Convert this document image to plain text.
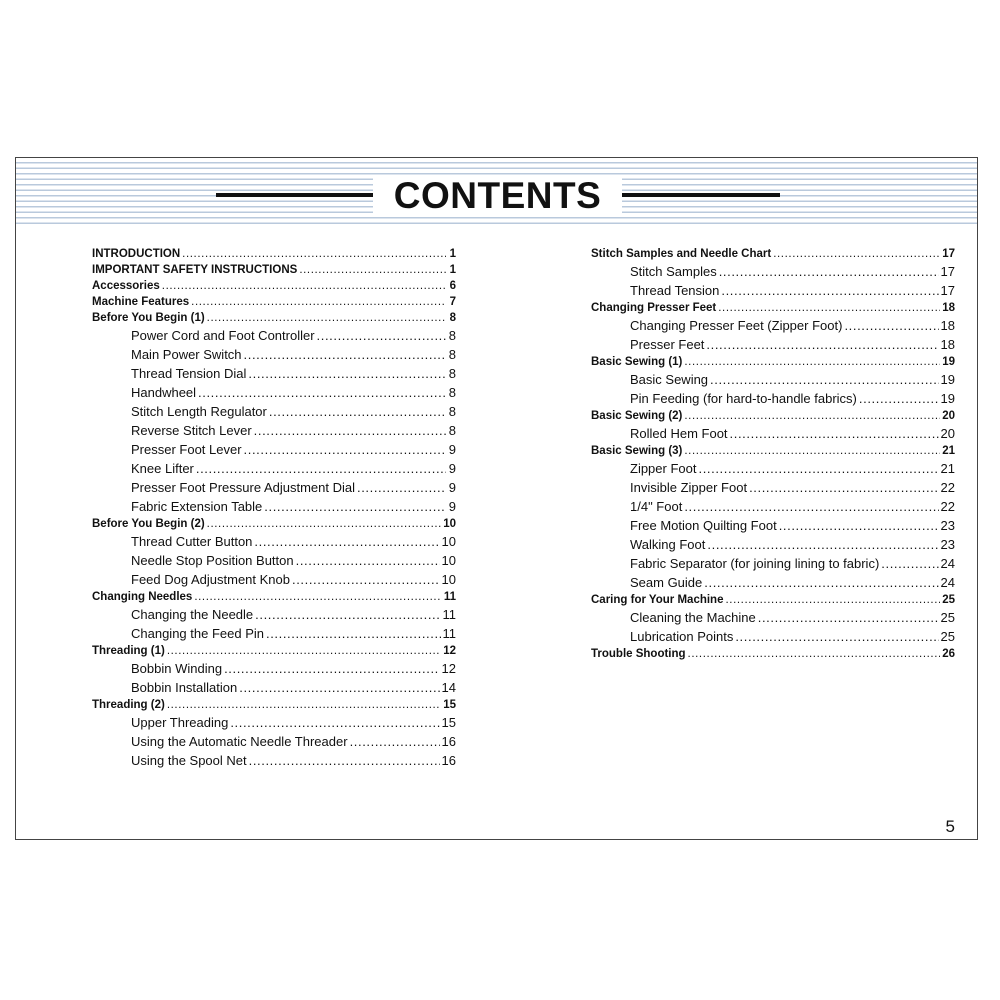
CONTENTS
INTRODUCTION .....	1
IMPORTANT SAFETY INSTRUCTIONS .....	1
Accessories .....	6
Machine Features .....	7
Before You Begin (1) .....	8
Power Cord and Foot Controller .....	8
Main Power Switch .....	8
Thread Tension Dial .....	8
Handwheel .....	8
Stitch Length Regulator .....	8
Reverse Stitch Lever .....	8
Presser Foot Lever .....	9
Knee Lifter .....	9
Presser Foot Pressure Adjustment Dial .....	9
Fabric Extension Table .....	9
Before You Begin (2) .....	10
Thread Cutter Button .....	10
Needle Stop Position Button .....	10
Feed Dog Adjustment Knob .....	10
Changing Needles .....	11
Changing the Needle .....	11
Changing the Feed Pin .....	11
Threading (1) .....	12
Bobbin Winding .....	12
Bobbin Installation .....	14
Threading (2) .....	15
Upper Threading .....	15
Using the Automatic Needle Threader .....	16
Using the Spool Net .....	16
Stitch Samples and Needle Chart .....	17
Stitch Samples .....	17
Thread Tension .....	17
Changing Presser Feet .....	18
Changing Presser Feet (Zipper Foot) .....	18
Presser Feet .....	18
Basic Sewing (1) .....	19
Basic Sewing .....	19
Pin Feeding (for hard-to-handle fabrics) .....	19
Basic Sewing (2) .....	20
Rolled Hem Foot .....	20
Basic Sewing (3) .....	21
Zipper Foot .....	21
Invisible Zipper Foot .....	22
1/4" Foot .....	22
Free Motion Quilting Foot .....	23
Walking Foot .....	23
Fabric Separator (for joining lining to fabric) .....	24
Seam Guide .....	24
Caring for Your Machine .....	25
Cleaning the Machine .....	25
Lubrication Points .....	25
Trouble Shooting .....	26
5
